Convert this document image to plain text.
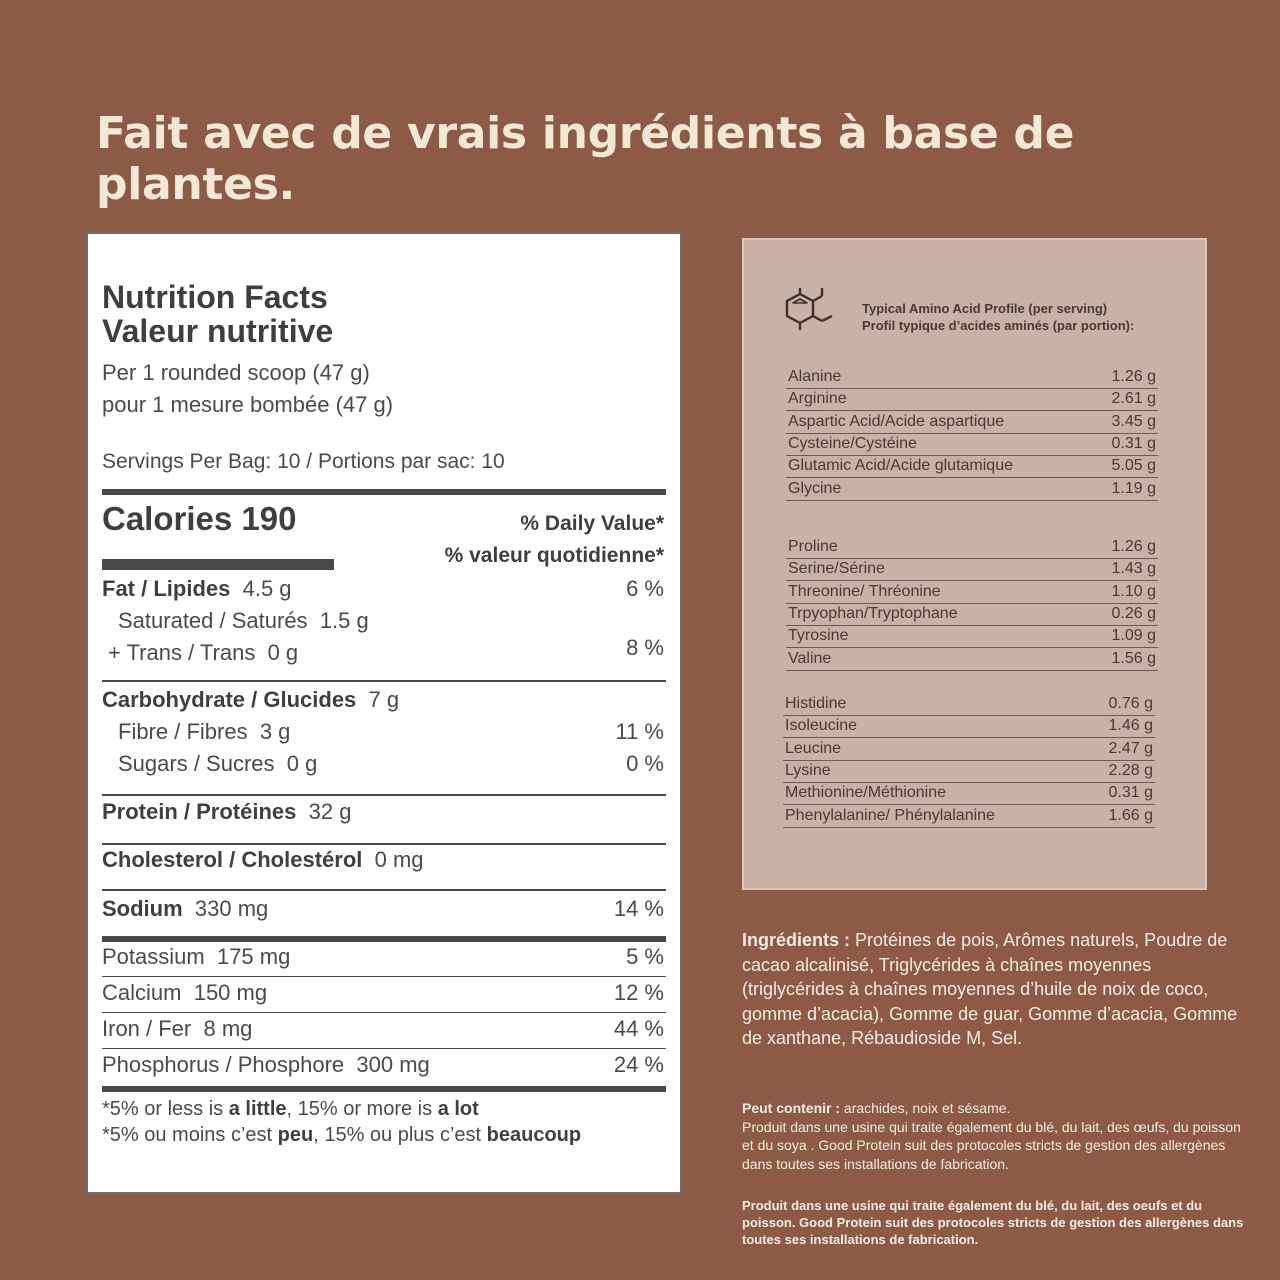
Fait avec de vrais ingrédients à base de plantes.
Nutrition Facts
Valeur nutritive
Per 1 rounded scoop (47 g)
pour 1 mesure bombée (47 g)
Servings Per Bag: 10 / Portions par sac: 10
Calories 190	% Daily Value*
% valeur quotidienne*
Fat / Lipides 4.5 g	6 %
Saturated / Saturés 1.5 g
+ Trans / Trans 0 g	8 %
Carbohydrate / Glucides 7 g
Fibre / Fibres 3 g	11 %
Sugars / Sucres 0 g	0 %
Protein / Protéines 32 g
Cholesterol / Cholestérol 0 mg
Sodium 330 mg	14 %
Potassium 175 mg	5 %
Calcium 150 mg	12 %
Iron / Fer 8 mg	44 %
Phosphorus / Phosphore 300 mg	24 %
*5% or less is a little, 15% or more is a lot
*5% ou moins c’est peu, 15% ou plus c’est beaucoup
Typical Amino Acid Profile (per serving)
Profil typique d’acides aminés (par portion):
Alanine	1.26 g
Arginine	2.61 g
Aspartic Acid/Acide aspartique	3.45 g
Cysteine/Cystéine	0.31 g
Glutamic Acid/Acide glutamique	5.05 g
Glycine	1.19 g
Proline	1.26 g
Serine/Sérine	1.43 g
Threonine/ Thréonine	1.10 g
Trpyophan/Tryptophane	0.26 g
Tyrosine	1.09 g
Valine	1.56 g
Histidine	0.76 g
Isoleucine	1.46 g
Leucine	2.47 g
Lysine	2.28 g
Methionine/Méthionine	0.31 g
Phenylalanine/ Phénylalanine	1.66 g
Ingrédients : Protéines de pois, Arômes naturels, Poudre de cacao alcalinisé, Triglycérides à chaînes moyennes (triglycérides à chaînes moyennes d’huile de noix de coco, gomme d’acacia), Gomme de guar, Gomme d’acacia, Gomme de xanthane, Rébaudioside M, Sel.
Peut contenir : arachides, noix et sésame.
Produit dans une usine qui traite également du blé, du lait, des œufs, du poisson et du soya . Good Protein suit des protocoles stricts de gestion des allergènes dans toutes ses installations de fabrication.
Produit dans une usine qui traite également du blé, du lait, des oeufs et du poisson. Good Protein suit des protocoles stricts de gestion des allergènes dans toutes ses installations de fabrication.
